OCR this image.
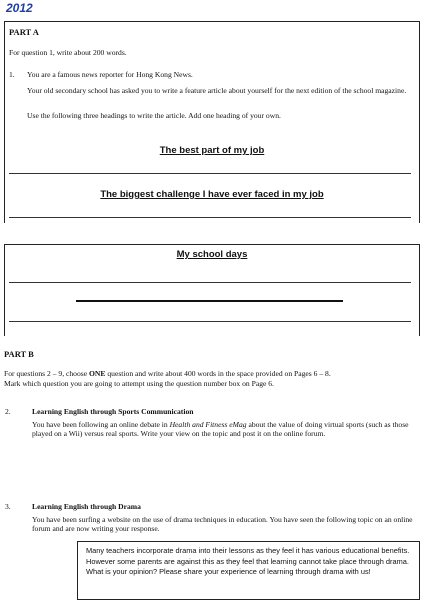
2012
PART A
For question 1, write about 200 words.
1. You are a famous news reporter for Hong Kong News.
Your old secondary school has asked you to write a feature article about yourself for the next edition of the school magazine.
Use the following three headings to write the article. Add one heading of your own.
The best part of my job
The biggest challenge I have ever faced in my job
My school days
PART B
For questions 2 – 9, choose ONE question and write about 400 words in the space provided on Pages 6 – 8.
Mark which question you are going to attempt using the question number box on Page 6.
2.	Learning English through Sports Communication
You have been following an online debate in Health and Fitness eMag about the value of doing virtual sports (such as those played on a Wii) versus real sports. Write your view on the topic and post it on the online forum.
3.	Learning English through Drama
You have been surfing a website on the use of drama techniques in education. You have seen the following topic on an online forum and are now writing your response.
Many teachers incorporate drama into their lessons as they feel it has various educational benefits. However some parents are against this as they feel that learning cannot take place through drama. What is your opinion? Please share your experience of learning through drama with us!
